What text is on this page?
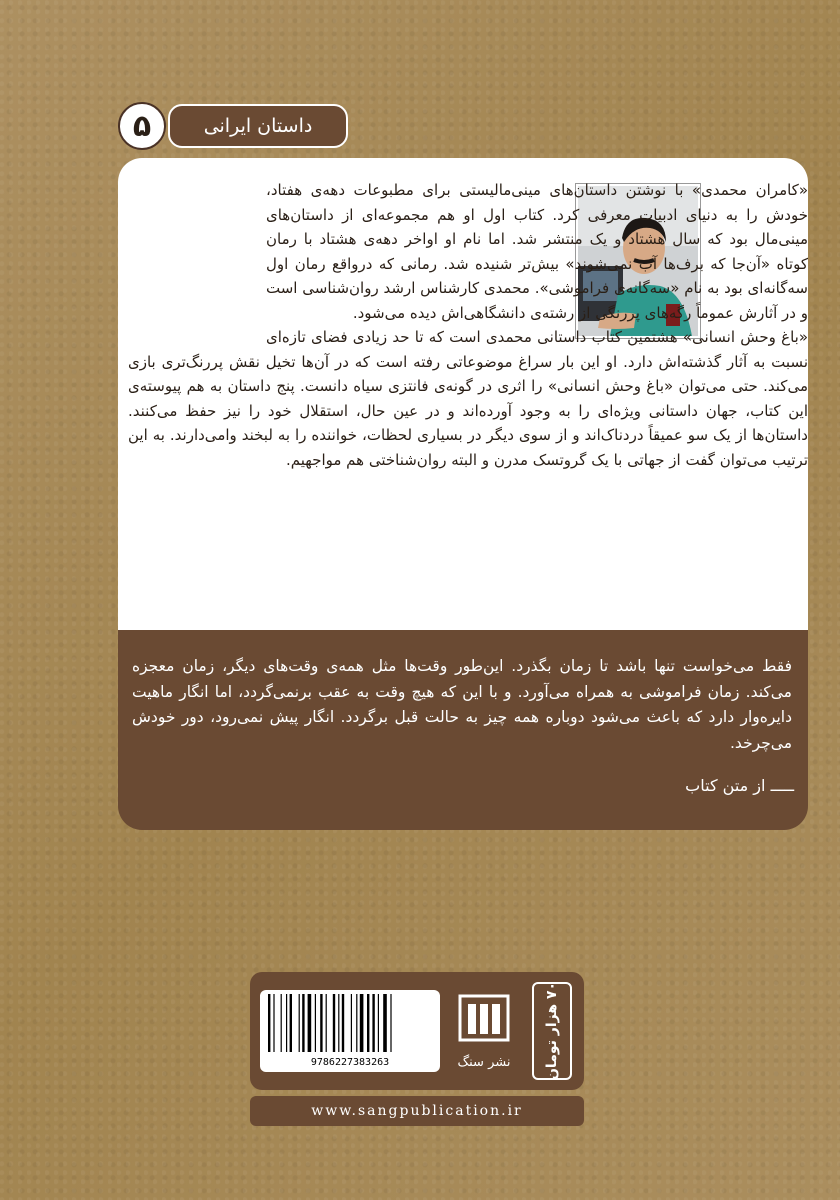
۵	داستان ایرانی

«کامران محمدی» با نوشتن داستان‌های مینی‌مالیستی برای مطبوعات دهه‌ی هفتاد، خودش را به دنیای ادبیات معرفی کرد. کتاب اول او هم مجموعه‌ای از داستان‌های مینی‌مال بود که سال هشتاد و یک منتشر شد. اما نام او اواخر دهه‌ی هشتاد با رمان کوتاه «آن‌جا که برف‌ها آب نمی‌شوند» بیش‌تر شنیده شد. رمانی که درواقع رمان اول سه‌گانه‌ای بود به نام «سه‌گانه‌ی فراموشی». محمدی کارشناس ارشد روان‌شناسی است و در آثارش عموماً رگه‌های پررنگی از رشته‌ی دانشگاهی‌اش دیده می‌شود.

«باغ وحش انسانی» هشتمین کتاب داستانی محمدی است که تا حد زیادی فضای تازه‌ای نسبت به آثار گذشته‌اش دارد. او این بار سراغ موضوعاتی رفته است که در آن‌ها تخیل نقش پررنگ‌تری بازی می‌کند. حتی می‌توان «باغ وحش انسانی» را اثری در گونه‌ی فانتزی سیاه دانست. پنج داستان به هم پیوسته‌ی این کتاب، جهان داستانی ویژه‌ای را به وجود آورده‌اند و در عین حال، استقلال خود را نیز حفظ می‌کنند. داستان‌ها از یک سو عمیقاً دردناک‌اند و از سوی دیگر در بسیاری لحظات، خواننده را به لبخند وامی‌دارند. به این ترتیب می‌توان گفت از جهاتی با یک گروتسک مدرن و البته روان‌شناختی هم مواجهیم.

فقط می‌خواست تنها باشد تا زمان بگذرد. این‌طور وقت‌ها مثل همه‌ی وقت‌های دیگر، زمان معجزه می‌کند. زمان فراموشی به همراه می‌آورد. و با این که هیچ وقت به عقب برنمی‌گردد، اما انگار ماهیت دایره‌وار دارد که باعث می‌شود دوباره همه چیز به حالت قبل برگردد. انگار پیش نمی‌رود، دور خودش می‌چرخد.

ـــــ از متن کتاب
9786227383263	نشر سنگ	۷۰ هزار تومان
www.sangpublication.ir
